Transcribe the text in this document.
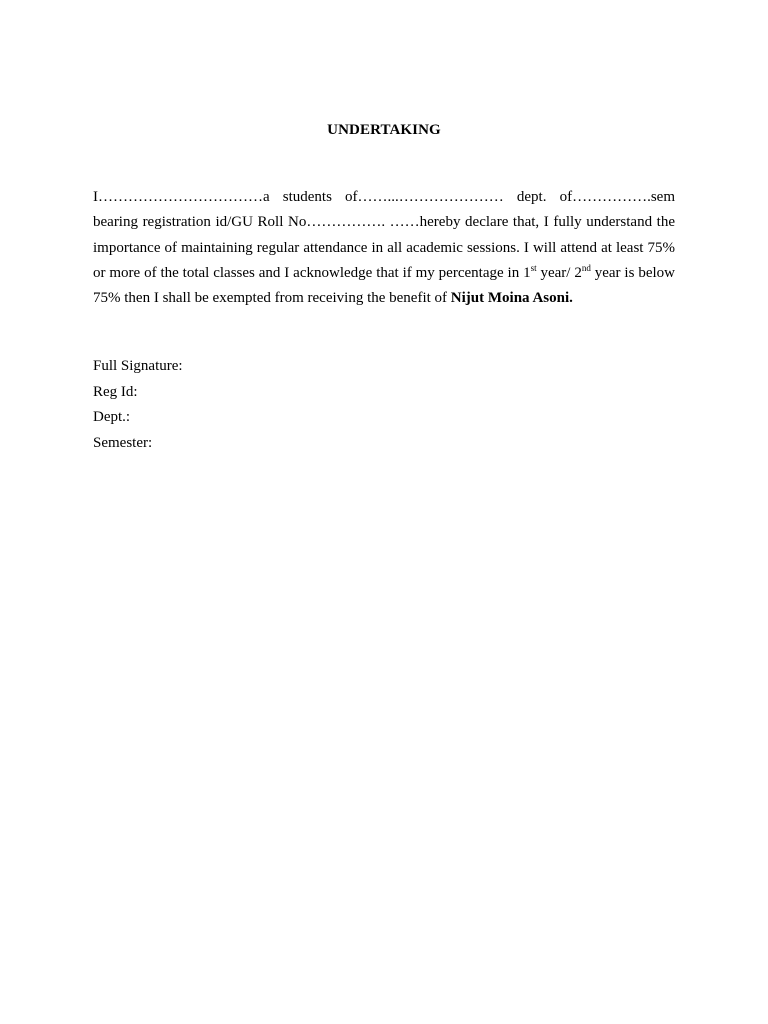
UNDERTAKING

I……………………………a students of……...………………… dept. of…………….sem bearing registration id/GU Roll No……………. ……hereby declare that, I fully understand the importance of maintaining regular attendance in all academic sessions. I will attend at least 75% or more of the total classes and I acknowledge that if my percentage in 1st year/ 2nd year is below 75% then I shall be exempted from receiving the benefit of Nijut Moina Asoni.

Full Signature:
Reg Id:
Dept.:
Semester:
